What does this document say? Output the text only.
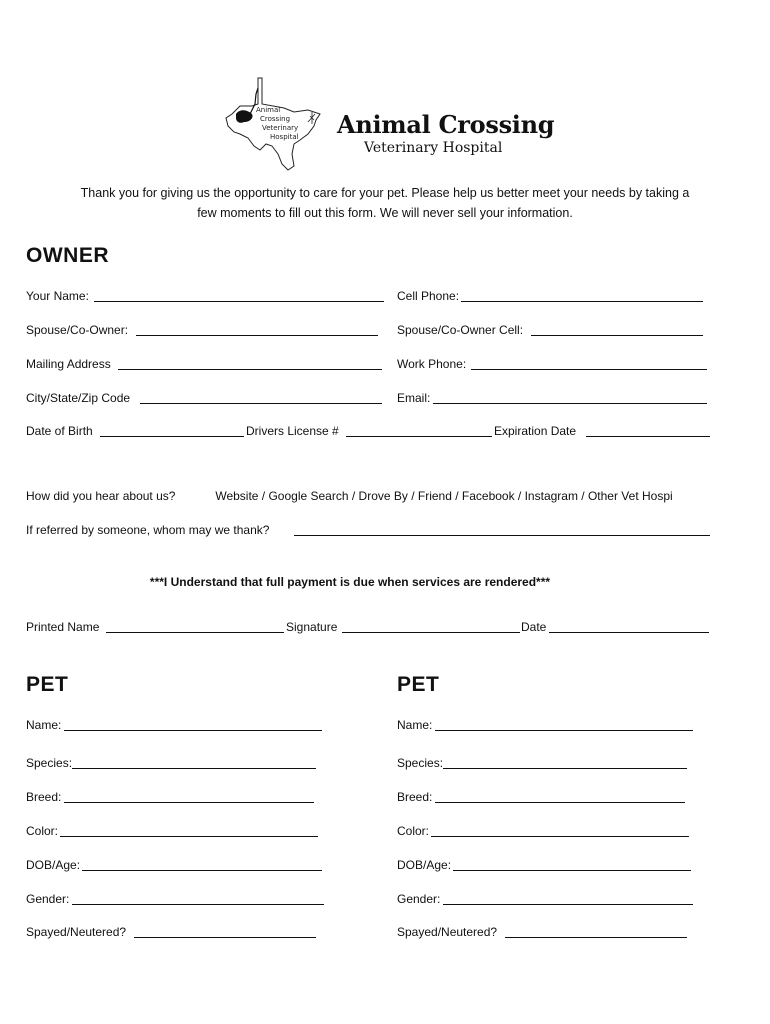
Animal
Crossing
Veterinary
Hospital Animal Crossing
Veterinary Hospital
Thank you for giving us the opportunity to care for your pet. Please help us better meet your needs by taking a few moments to fill out this form. We will never sell your information.
OWNER
Your Name:	Cell Phone:
Spouse/Co-Owner:	Spouse/Co-Owner Cell:
Mailing Address	Work Phone:
City/State/Zip Code	Email:
Date of Birth	Drivers License #	Expiration Date
How did you hear about us?	Website / Google Search / Drove By / Friend / Facebook / Instagram / Other Vet Hospi
If referred by someone, whom may we thank?
***I Understand that full payment is due when services are rendered***
Printed Name	Signature	Date
PET
Name:
Species:
Breed:
Color:
DOB/Age:
Gender:
Spayed/Neutered?
PET
Name:
Species:
Breed:
Color:
DOB/Age:
Gender:
Spayed/Neutered?
